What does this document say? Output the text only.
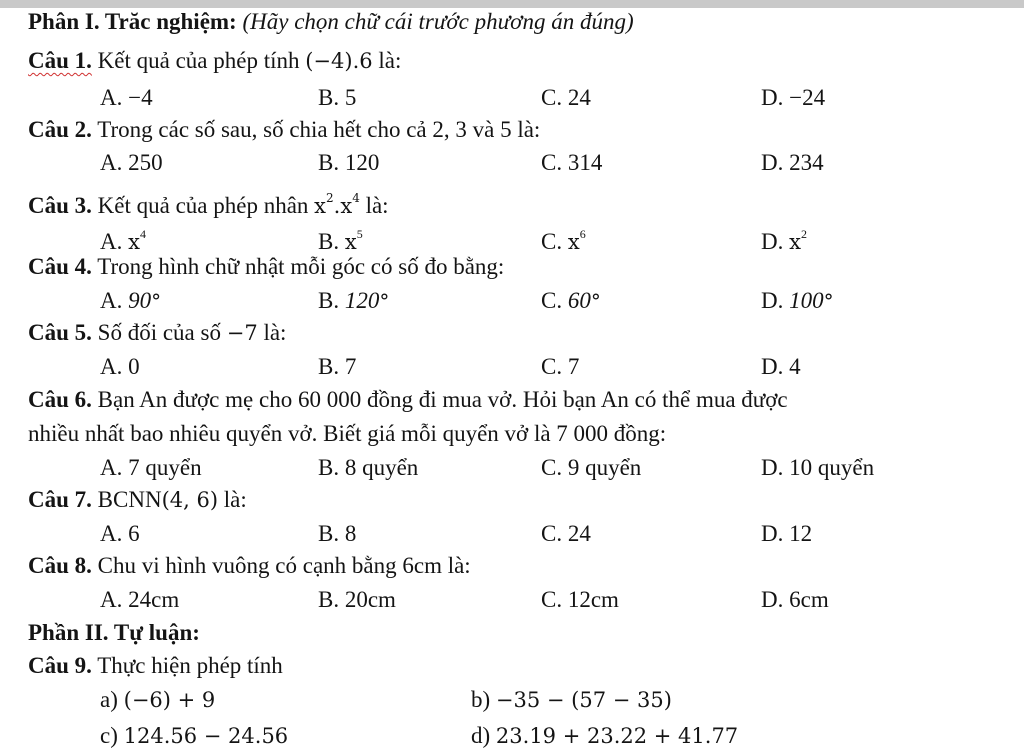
Phân I. Trăc nghiệm: (Hãy chọn chữ cái trước phương án đúng)
Câu 1. Kết quả của phép tính (−4).6 là:
A. −4	B. 5	C. 24	D. −24
Câu 2. Trong các số sau, số chia hết cho cả 2, 3 và 5 là:
A. 250	B. 120	C. 314	D. 234
Câu 3. Kết quả của phép nhân $x^2.x^4$ là:
A. $x^4$	B. $x^5$	C. $x^6$	D. $x^2$
Câu 4. Trong hình chữ nhật mỗi góc có số đo bằng:
A. 90°	B. 120°	C. 60°	D. 100°
Câu 5. Số đối của số −7 là:
A. 0	B. 7	C. 7	D. 4
Câu 6. Bạn An được mẹ cho 60 000 đồng đi mua vở. Hỏi bạn An có thể mua được
nhiều nhất bao nhiêu quyển vở. Biết giá mỗi quyển vở là 7 000 đồng:
A. 7 quyển	B. 8 quyển	C. 9 quyển	D. 10 quyển
Câu 7. BCNN(4, 6) là:
A. 6	B. 8	C. 24	D. 12
Câu 8. Chu vi hình vuông có cạnh bằng 6cm là:
A. 24cm	B. 20cm	C. 12cm	D. 6cm
Phần II. Tự luận:
Câu 9. Thực hiện phép tính
a) (−6) + 9	b) −35 − (57 − 35)
c) 124.56 − 24.56	d) 23.19 + 23.22 + 41.77
